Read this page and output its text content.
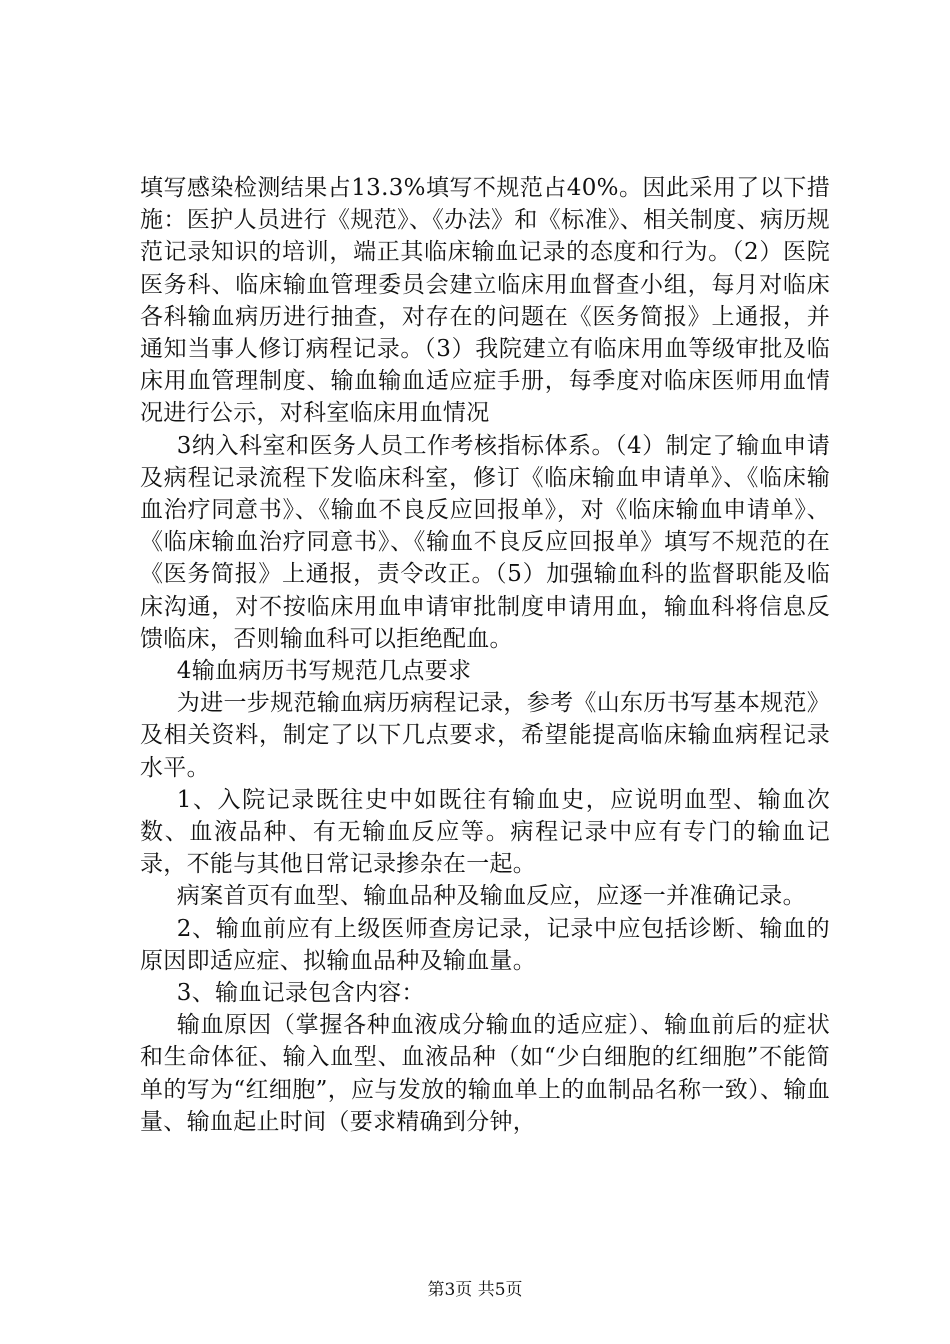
填写感染检测结果占13.3%填写不规范占40%。因此采用了以下措施：医护人员进行《规范》、《办法》和《标准》、相关制度、病历规范记录知识的培训，端正其临床输血记录的态度和行为。（2）医院医务科、临床输血管理委员会建立临床用血督查小组，每月对临床各科输血病历进行抽查，对存在的问题在《医务简报》上通报，并通知当事人修订病程记录。（3）我院建立有临床用血等级审批及临床用血管理制度、输血输血适应症手册，每季度对临床医师用血情况进行公示，对科室临床用血情况

3纳入科室和医务人员工作考核指标体系。（4）制定了输血申请及病程记录流程下发临床科室，修订《临床输血申请单》、《临床输血治疗同意书》、《输血不良反应回报单》，对《临床输血申请单》、《临床输血治疗同意书》、《输血不良反应回报单》填写不规范的在《医务简报》上通报，责令改正。（5）加强输血科的监督职能及临床沟通，对不按临床用血申请审批制度申请用血，输血科将信息反馈临床，否则输血科可以拒绝配血。

4输血病历书写规范几点要求

为进一步规范输血病历病程记录，参考《山东历书写基本规范》及相关资料，制定了以下几点要求，希望能提高临床输血病程记录水平。

1、入院记录既往史中如既往有输血史，应说明血型、输血次数、血液品种、有无输血反应等。病程记录中应有专门的输血记录，不能与其他日常记录掺杂在一起。

病案首页有血型、输血品种及输血反应，应逐一并准确记录。

2、输血前应有上级医师查房记录，记录中应包括诊断、输血的原因即适应症、拟输血品种及输血量。

3、输血记录包含内容：

输血原因（掌握各种血液成分输血的适应症）、输血前后的症状和生命体征、输入血型、血液品种（如“少白细胞的红细胞”不能简单的写为“红细胞”，应与发放的输血单上的血制品名称一致）、输血量、输血起止时间（要求精确到分钟，

第3页 共5页
